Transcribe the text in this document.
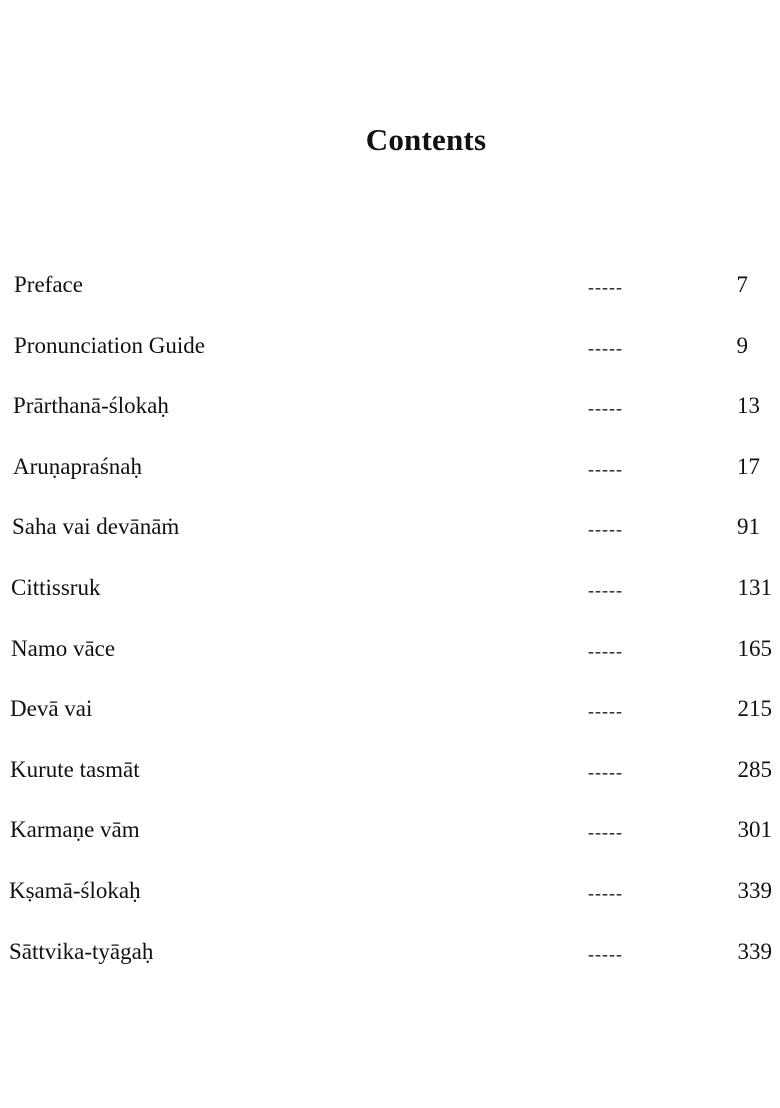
Contents
Preface	-----	7
Pronunciation Guide	-----	9
Prārthanā-ślokaḥ	-----	13
Aruṇapraśnaḥ	-----	17
Saha vai devānāṁ	-----	91
Cittissruk	-----	131
Namo vāce	-----	165
Devā vai	-----	215
Kurute tasmāt	-----	285
Karmaṇe vām	-----	301
Kṣamā-ślokaḥ	-----	339
Sāttvika-tyāgaḥ	-----	339
